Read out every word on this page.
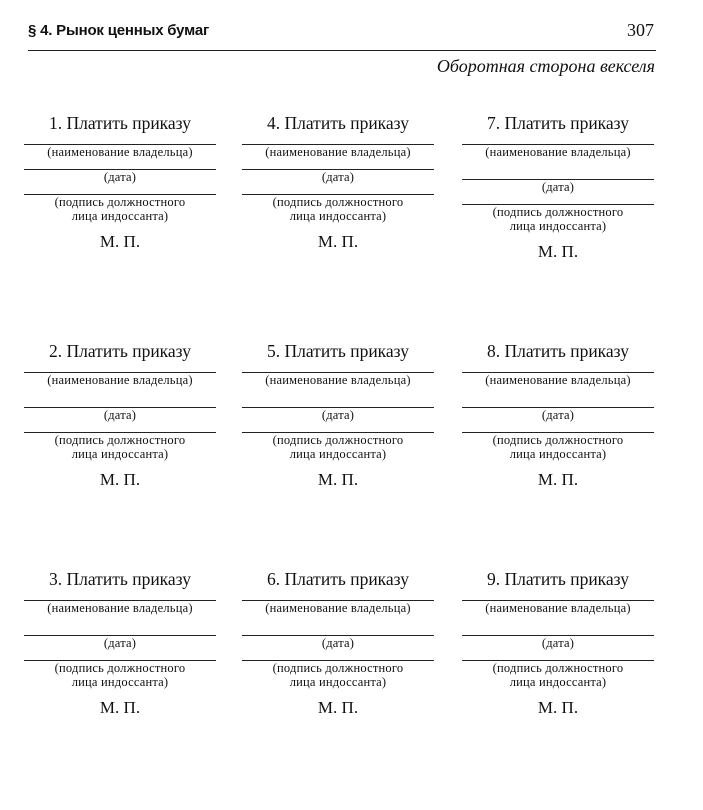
§ 4. Рынок ценных бумаг	307
Оборотная сторона векселя
1. Платить приказу
(наименование владельца)
(дата)
(подпись должностного
лица индоссанта)
М. П.
4. Платить приказу
(наименование владельца)
(дата)
(подпись должностного
лица индоссанта)
М. П.
7. Платить приказу
(наименование владельца)
(дата)
(подпись должностного
лица индоссанта)
М. П.
2. Платить приказу
(наименование владельца)
(дата)
(подпись должностного
лица индоссанта)
М. П.
5. Платить приказу
(наименование владельца)
(дата)
(подпись должностного
лица индоссанта)
М. П.
8. Платить приказу
(наименование владельца)
(дата)
(подпись должностного
лица индоссанта)
М. П.
3. Платить приказу
(наименование владельца)
(дата)
(подпись должностного
лица индоссанта)
М. П.
6. Платить приказу
(наименование владельца)
(дата)
(подпись должностного
лица индоссанта)
М. П.
9. Платить приказу
(наименование владельца)
(дата)
(подпись должностного
лица индоссанта)
М. П.
